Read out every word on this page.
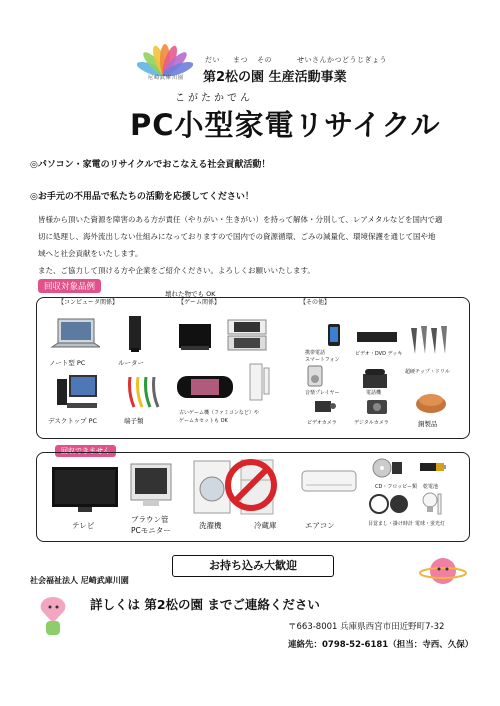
尼崎武庫川園
だい まつ その	せいさんかつどうじぎょう
第2松の園 生産活動事業
こがたかでん
PC小型家電リサイクル
◎パソコン・家電のリサイクルでおこなえる社会貢献活動！
◎お手元の不用品で私たちの活動を応援してください！
皆様から頂いた資源を障害のある方が責任（やりがい・生きがい）を持って解体・分別して、レアメタルなどを国内で適
切に処理し、海外流出しない仕組みになっておりますので国内での資源循環、ごみの減量化、環境保護を通じて国や地
域へと社会貢献をいたします。
また、ご協力して頂ける方や企業をご紹介ください。よろしくお願いいたします。
回収対象品例
壊れた物でも OK
【コンピュータ関係】	【ゲーム関係】	【その他】
ノート型 PC	ルーター
デスクトップ PC	端子類
古いゲーム機（ファミコンなど）や
ゲームカセットも OK
携帯電話
スマートフォン
ビデオ・DVD デッキ
超硬チップ・ドリル
音楽プレイヤー	電話機
ビデオカメラ	デジタルカメラ	銅製品
回収できません
テレビ
ブラウン管
PCモニター
洗濯機	冷蔵庫	エアコン
CD・フロッピー類 乾電池
目覚まし・掛け時計 電球・蛍光灯
お持ち込み大歓迎
社会福祉法人 尼崎武庫川園
詳しくは 第2松の園 までご連絡ください
〒663-8001 兵庫県西宮市田近野町7-32
連絡先：0798-52-6181（担当：寺西、久保）
